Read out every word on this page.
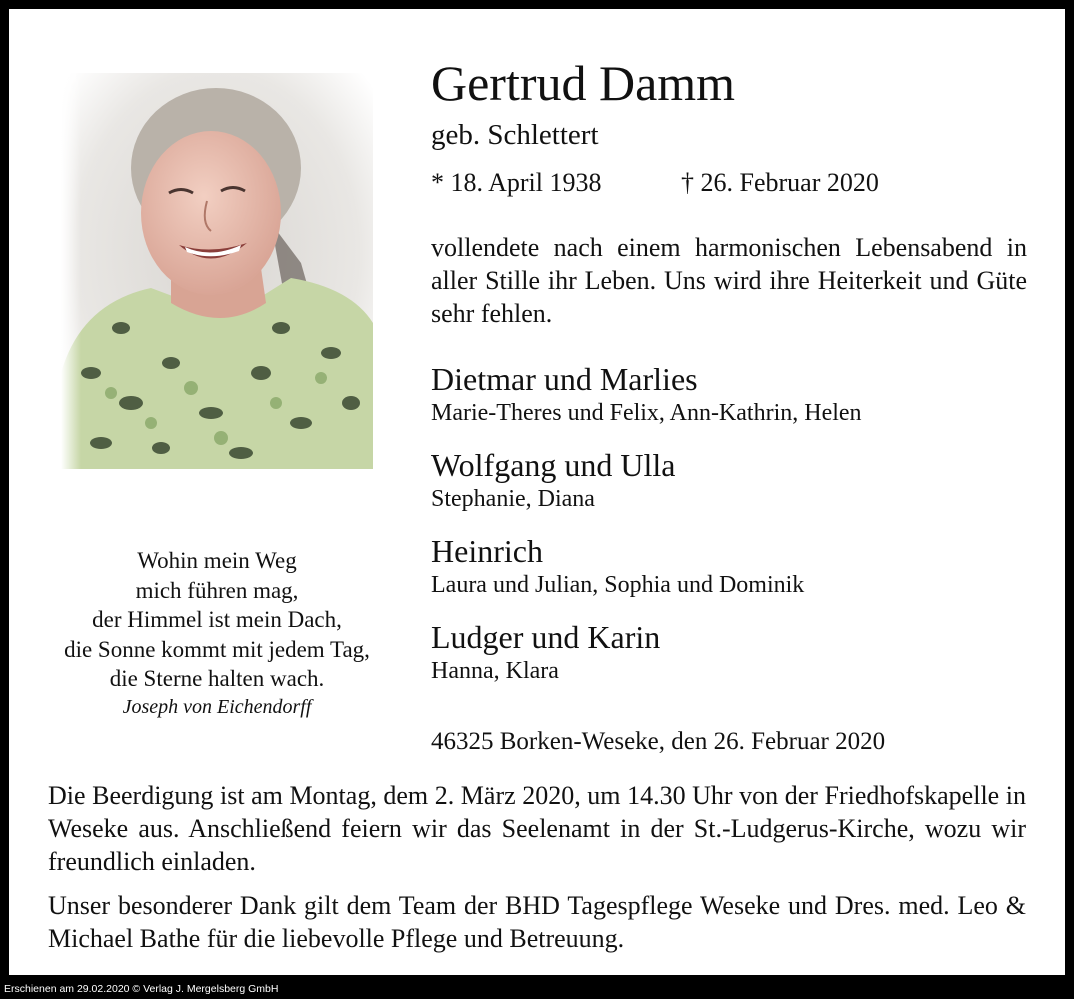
Gertrud Damm
geb. Schlettert
* 18. April 1938	† 26. Februar 2020
vollendete nach einem harmonischen Lebensabend in aller Stille ihr Leben. Uns wird ihre Heiterkeit und Güte sehr fehlen.
Dietmar und Marlies
Marie-Theres und Felix, Ann-Kathrin, Helen
Wolfgang und Ulla
Stephanie, Diana
Heinrich
Laura und Julian, Sophia und Dominik
Ludger und Karin
Hanna, Klara
Wohin mein Weg
mich führen mag,
der Himmel ist mein Dach,
die Sonne kommt mit jedem Tag,
die Sterne halten wach.
Joseph von Eichendorff
46325 Borken-Weseke, den 26. Februar 2020
Die Beerdigung ist am Montag, dem 2. März 2020, um 14.30 Uhr von der Friedhofskapelle in Weseke aus. Anschließend feiern wir das Seelenamt in der St.-Ludgerus-Kirche, wozu wir freundlich einladen.
Unser besonderer Dank gilt dem Team der BHD Tagespflege Weseke und Dres. med. Leo & Michael Bathe für die liebevolle Pflege und Betreuung.
Erschienen am 29.02.2020 © Verlag J. Mergelsberg GmbH
